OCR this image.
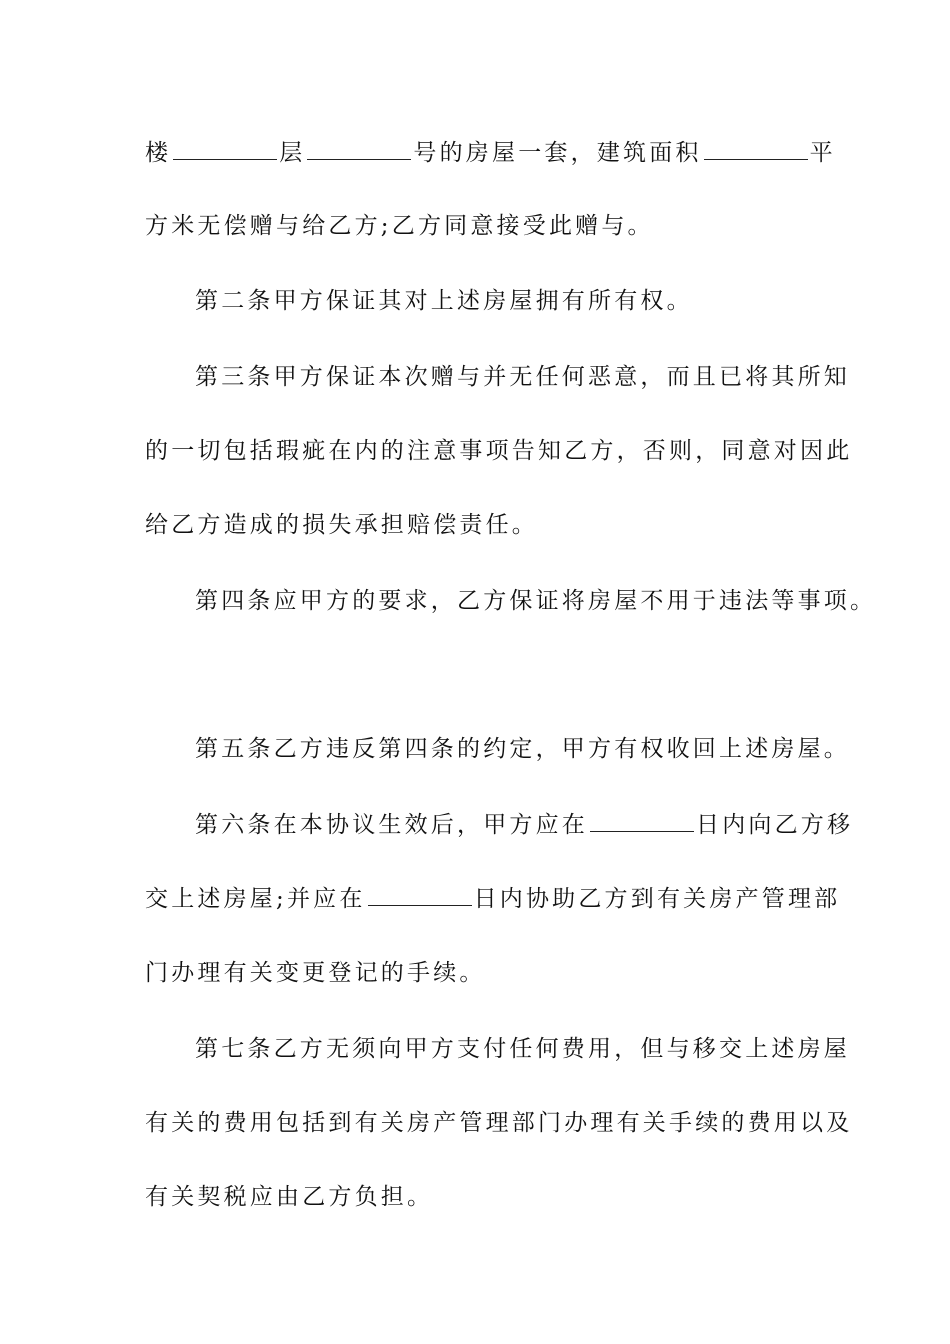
楼	层	号的房屋一套，建筑面积	平
方米无偿赠与给乙方;乙方同意接受此赠与。
第二条甲方保证其对上述房屋拥有所有权。
第三条甲方保证本次赠与并无任何恶意，而且已将其所知
的一切包括瑕疵在内的注意事项告知乙方，否则，同意对因此
给乙方造成的损失承担赔偿责任。
第四条应甲方的要求，乙方保证将房屋不用于违法等事项。
第五条乙方违反第四条的约定，甲方有权收回上述房屋。
第六条在本协议生效后，甲方应在	日内向乙方移
交上述房屋;并应在	日内协助乙方到有关房产管理部
门办理有关变更登记的手续。
第七条乙方无须向甲方支付任何费用，但与移交上述房屋
有关的费用包括到有关房产管理部门办理有关手续的费用以及
有关契税应由乙方负担。
